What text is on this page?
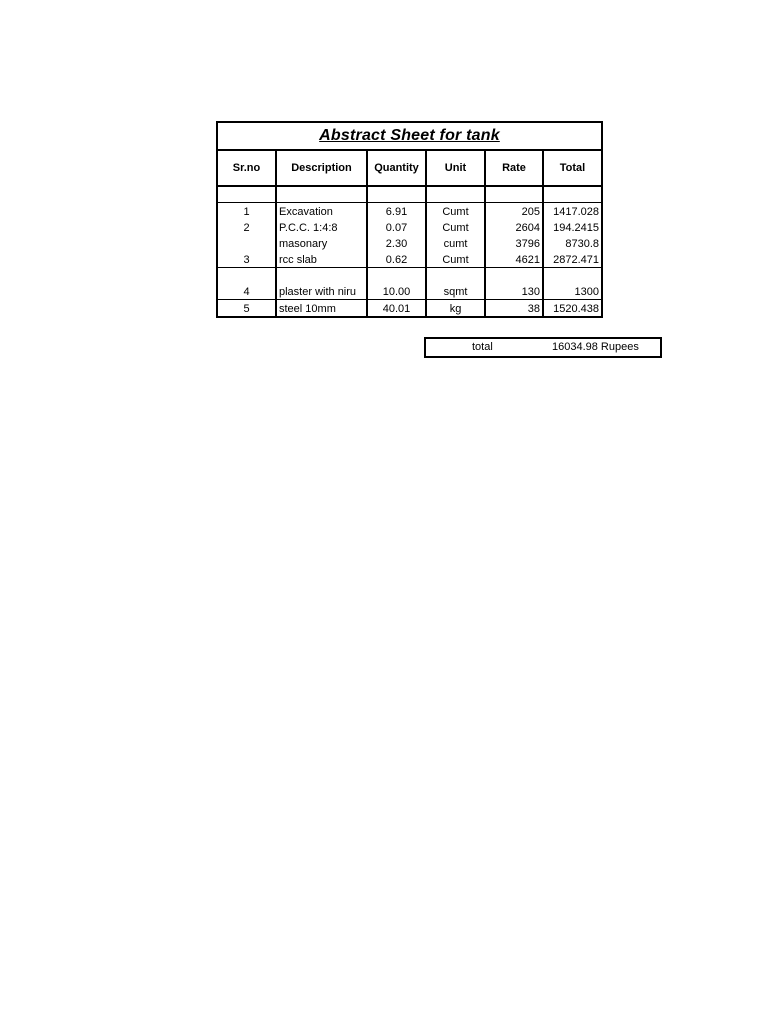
Abstract Sheet for tank
Sr.no	Description	Quantity	Unit	Rate	Total

1	Excavation	6.91	Cumt	205	1417.028
2	P.C.C. 1:4:8	0.07	Cumt	2604	194.2415
	masonary	2.30	cumt	3796	8730.8
3	rcc slab	0.62	Cumt	4621	2872.471
4	plaster with niru	10.00	sqmt	130	1300
5	steel 10mm	40.01	kg	38	1520.438
total	16034.98 Rupees
